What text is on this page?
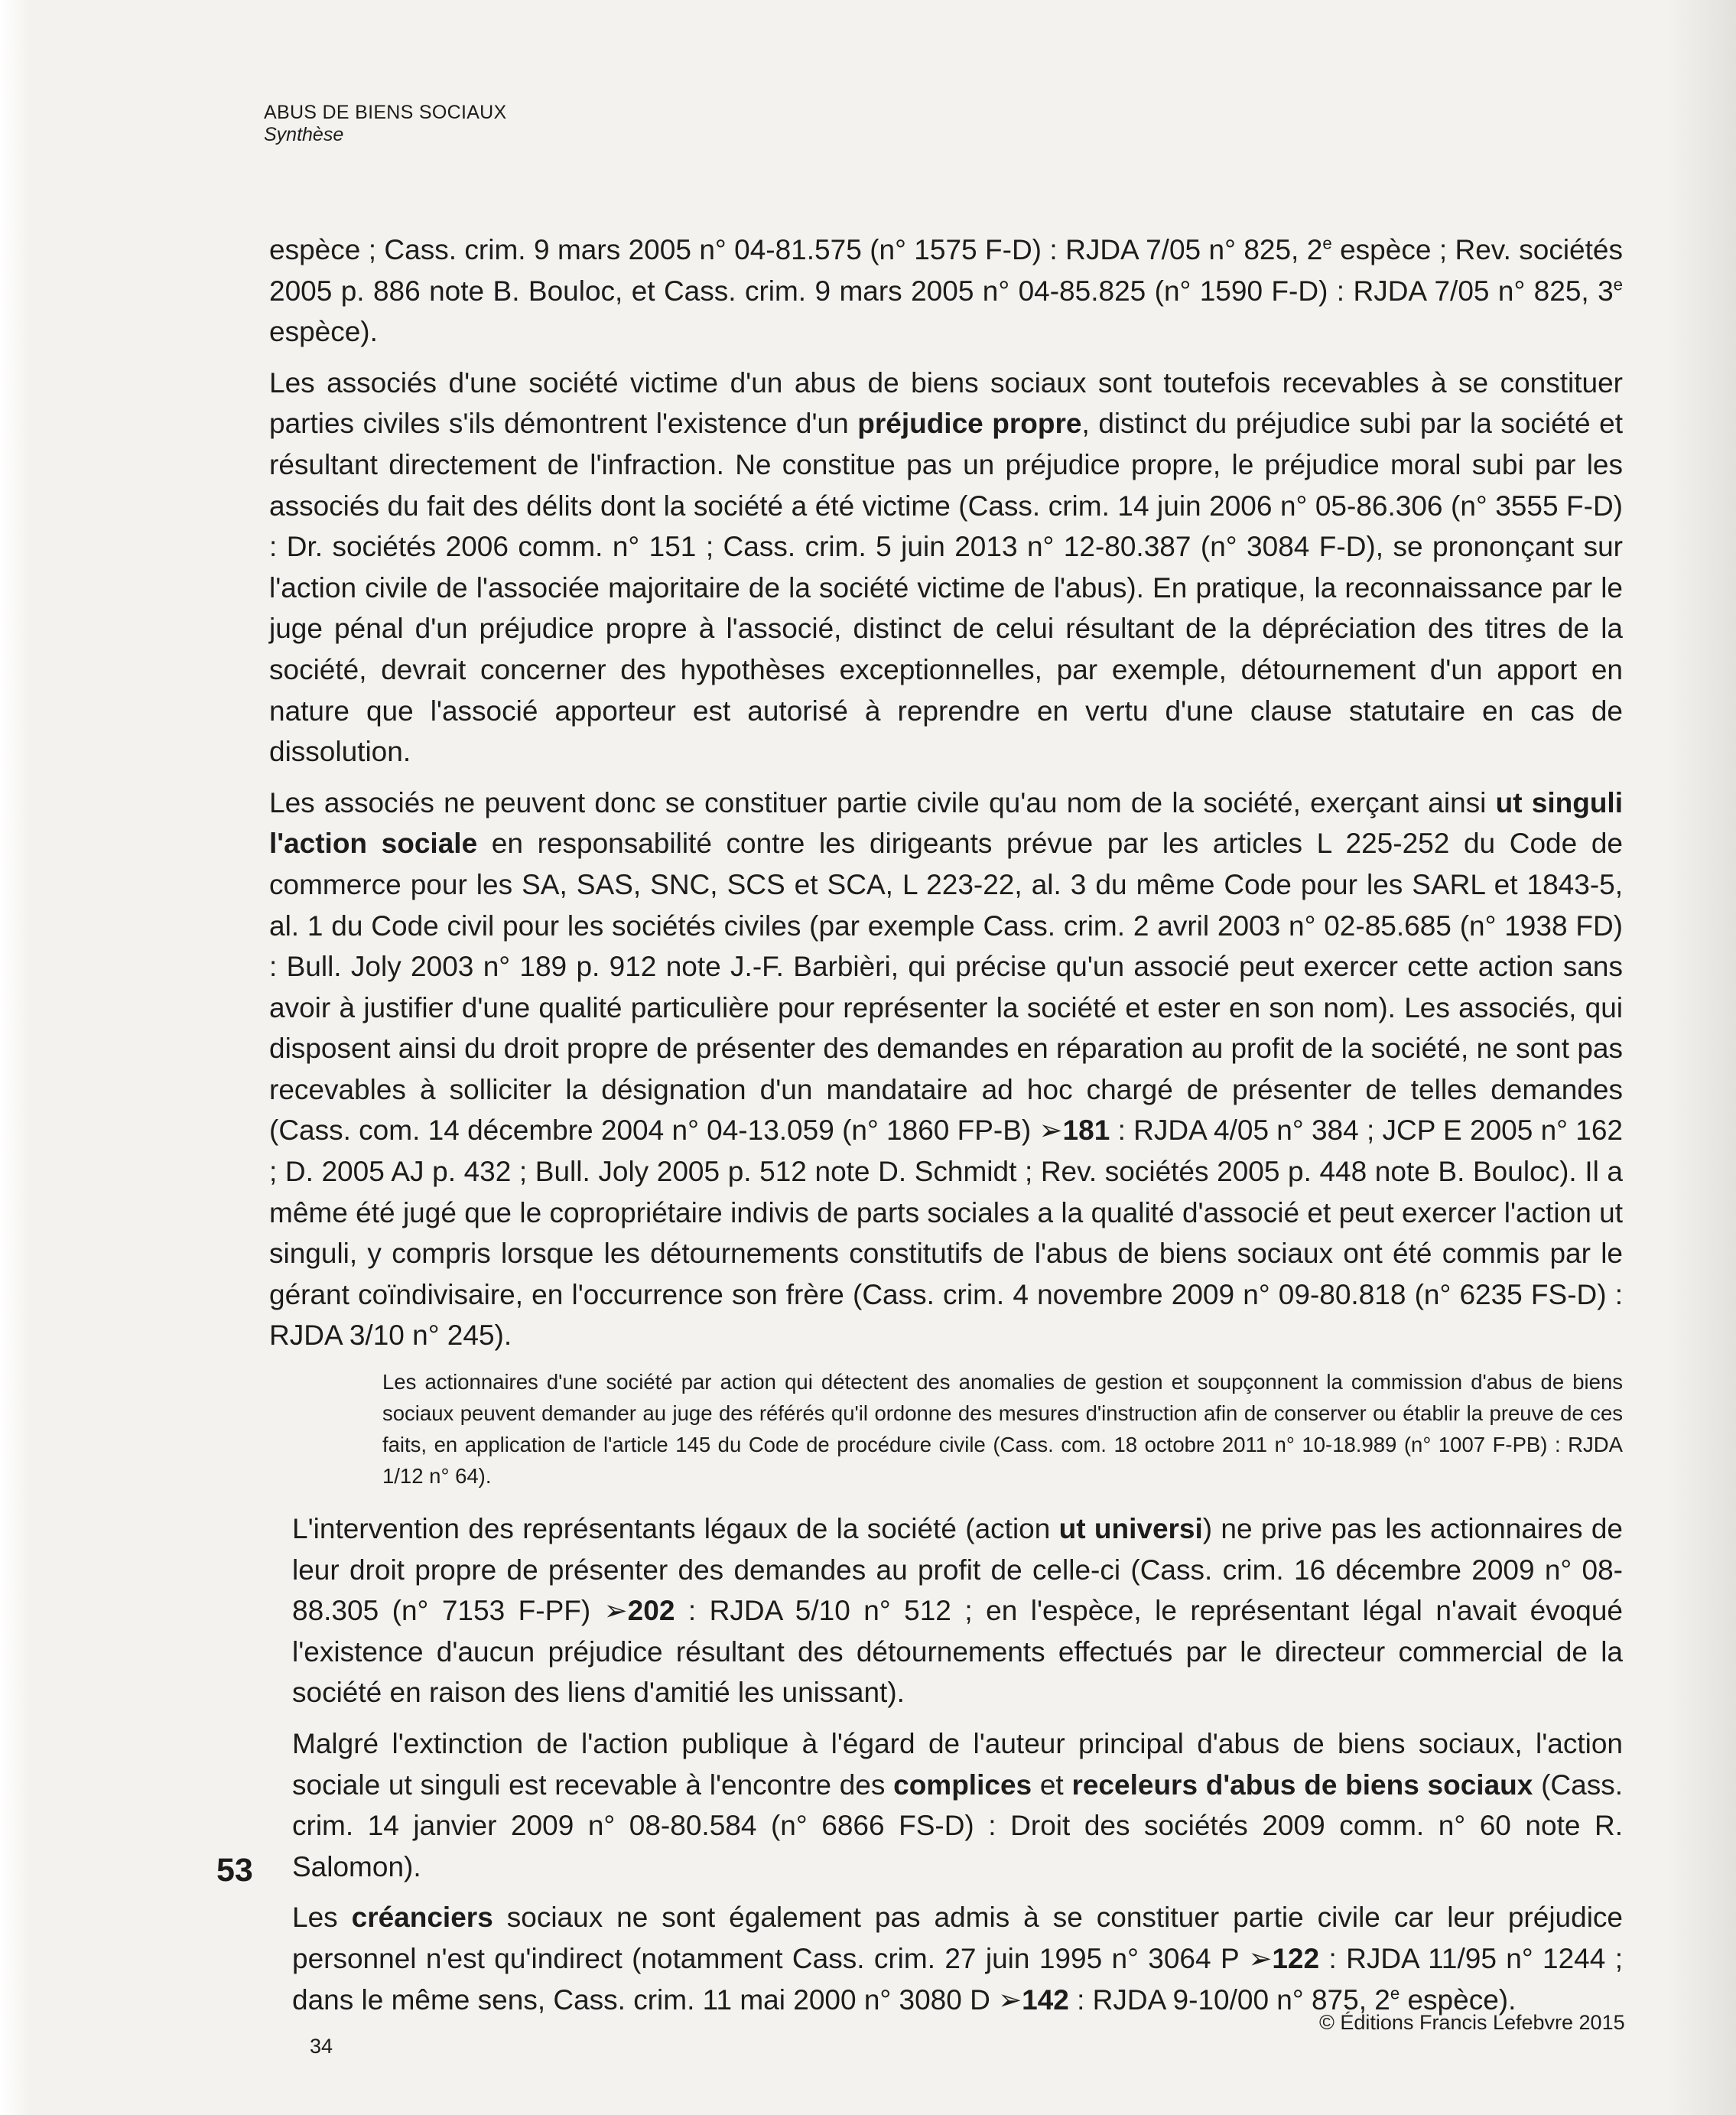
ABUS DE BIENS SOCIAUX
Synthèse

espèce ; Cass. crim. 9 mars 2005 n° 04-81.575 (n° 1575 F-D) : RJDA 7/05 n° 825, 2e espèce ; Rev. sociétés 2005 p. 886 note B. Bouloc, et Cass. crim. 9 mars 2005 n° 04-85.825 (n° 1590 F-D) : RJDA 7/05 n° 825, 3e espèce).

Les associés d'une société victime d'un abus de biens sociaux sont toutefois recevables à se constituer parties civiles s'ils démontrent l'existence d'un préjudice propre, distinct du préjudice subi par la société et résultant directement de l'infraction. Ne constitue pas un préjudice propre, le préjudice moral subi par les associés du fait des délits dont la société a été victime (Cass. crim. 14 juin 2006 n° 05-86.306 (n° 3555 F-D) : Dr. sociétés 2006 comm. n° 151 ; Cass. crim. 5 juin 2013 n° 12-80.387 (n° 3084 F-D), se prononçant sur l'action civile de l'associée majoritaire de la société victime de l'abus). En pratique, la reconnaissance par le juge pénal d'un préjudice propre à l'associé, distinct de celui résultant de la dépréciation des titres de la société, devrait concerner des hypothèses exceptionnelles, par exemple, détournement d'un apport en nature que l'associé apporteur est autorisé à reprendre en vertu d'une clause statutaire en cas de dissolution.

Les associés ne peuvent donc se constituer partie civile qu'au nom de la société, exerçant ainsi ut singuli l'action sociale en responsabilité contre les dirigeants prévue par les articles L 225-252 du Code de commerce pour les SA, SAS, SNC, SCS et SCA, L 223-22, al. 3 du même Code pour les SARL et 1843-5, al. 1 du Code civil pour les sociétés civiles (par exemple Cass. crim. 2 avril 2003 n° 02-85.685 (n° 1938 FD) : Bull. Joly 2003 n° 189 p. 912 note J.-F. Barbièri, qui précise qu'un associé peut exercer cette action sans avoir à justifier d'une qualité particulière pour représenter la société et ester en son nom). Les associés, qui disposent ainsi du droit propre de présenter des demandes en réparation au profit de la société, ne sont pas recevables à solliciter la désignation d'un mandataire ad hoc chargé de présenter de telles demandes (Cass. com. 14 décembre 2004 n° 04-13.059 (n° 1860 FP-B) ➢181 : RJDA 4/05 n° 384 ; JCP E 2005 n° 162 ; D. 2005 AJ p. 432 ; Bull. Joly 2005 p. 512 note D. Schmidt ; Rev. sociétés 2005 p. 448 note B. Bouloc). Il a même été jugé que le copropriétaire indivis de parts sociales a la qualité d'associé et peut exercer l'action ut singuli, y compris lorsque les détournements constitutifs de l'abus de biens sociaux ont été commis par le gérant coïndivisaire, en l'occurrence son frère (Cass. crim. 4 novembre 2009 n° 09-80.818 (n° 6235 FS-D) : RJDA 3/10 n° 245).

Les actionnaires d'une société par action qui détectent des anomalies de gestion et soupçonnent la commission d'abus de biens sociaux peuvent demander au juge des référés qu'il ordonne des mesures d'instruction afin de conserver ou établir la preuve de ces faits, en application de l'article 145 du Code de procédure civile (Cass. com. 18 octobre 2011 n° 10-18.989 (n° 1007 F-PB) : RJDA 1/12 n° 64).

L'intervention des représentants légaux de la société (action ut universi) ne prive pas les actionnaires de leur droit propre de présenter des demandes au profit de celle-ci (Cass. crim. 16 décembre 2009 n° 08-88.305 (n° 7153 F-PF) ➢202 : RJDA 5/10 n° 512 ; en l'espèce, le représentant légal n'avait évoqué l'existence d'aucun préjudice résultant des détournements effectués par le directeur commercial de la société en raison des liens d'amitié les unissant).

Malgré l'extinction de l'action publique à l'égard de l'auteur principal d'abus de biens sociaux, l'action sociale ut singuli est recevable à l'encontre des complices et receleurs d'abus de biens sociaux (Cass. crim. 14 janvier 2009 n° 08-80.584 (n° 6866 FS-D) : Droit des sociétés 2009 comm. n° 60 note R. Salomon).

Les créanciers sociaux ne sont également pas admis à se constituer partie civile car leur préjudice personnel n'est qu'indirect (notamment Cass. crim. 27 juin 1995 n° 3064 P ➢122 : RJDA 11/95 n° 1244 ; dans le même sens, Cass. crim. 11 mai 2000 n° 3080 D ➢142 : RJDA 9-10/00 n° 875, 2e espèce).

53
34
© Éditions Francis Lefebvre 2015
